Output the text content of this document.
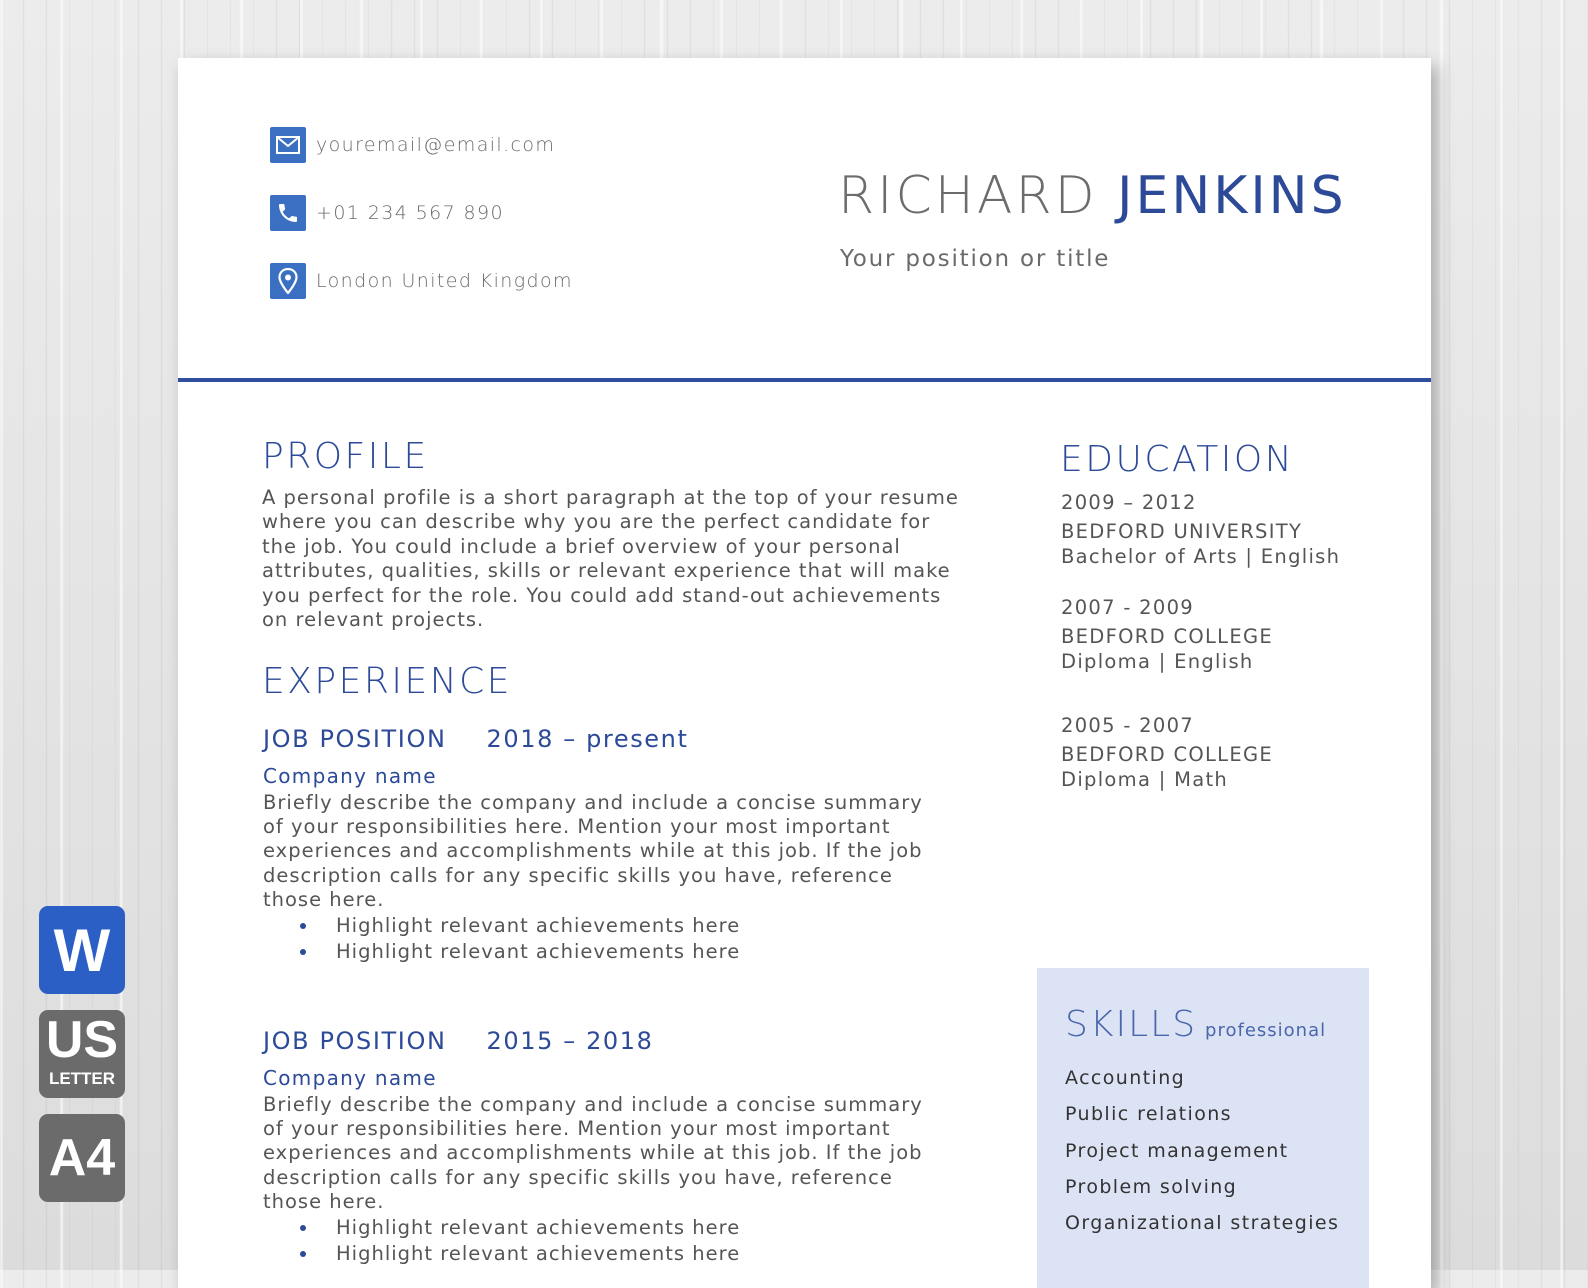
youremail@email.com
+01 234 567 890
London United Kingdom
RICHARD JENKINS
Your position or title
PROFILE
A personal profile is a short paragraph at the top of your resume where you can describe why you are the perfect candidate for the job. You could include a brief overview of your personal attributes, qualities, skills or relevant experience that will make you perfect for the role. You could add stand-out achievements on relevant projects.
EXPERIENCE
JOB POSITION 2018 – present
Company name
Briefly describe the company and include a concise summary of your responsibilities here. Mention your most important experiences and accomplishments while at this job. If the job description calls for any specific skills you have, reference those here.
Highlight relevant achievements here
Highlight relevant achievements here
JOB POSITION 2015 – 2018
Company name
Briefly describe the company and include a concise summary of your responsibilities here. Mention your most important experiences and accomplishments while at this job. If the job description calls for any specific skills you have, reference those here.
Highlight relevant achievements here
Highlight relevant achievements here
EDUCATION
2009 – 2012
BEDFORD UNIVERSITY
Bachelor of Arts | English
2007 - 2009
BEDFORD COLLEGE
Diploma | English
2005 - 2007
BEDFORD COLLEGE
Diploma | Math
SKILLS professional
Accounting
Public relations
Project management
Problem solving
Organizational strategies
W
US
LETTER
A4
